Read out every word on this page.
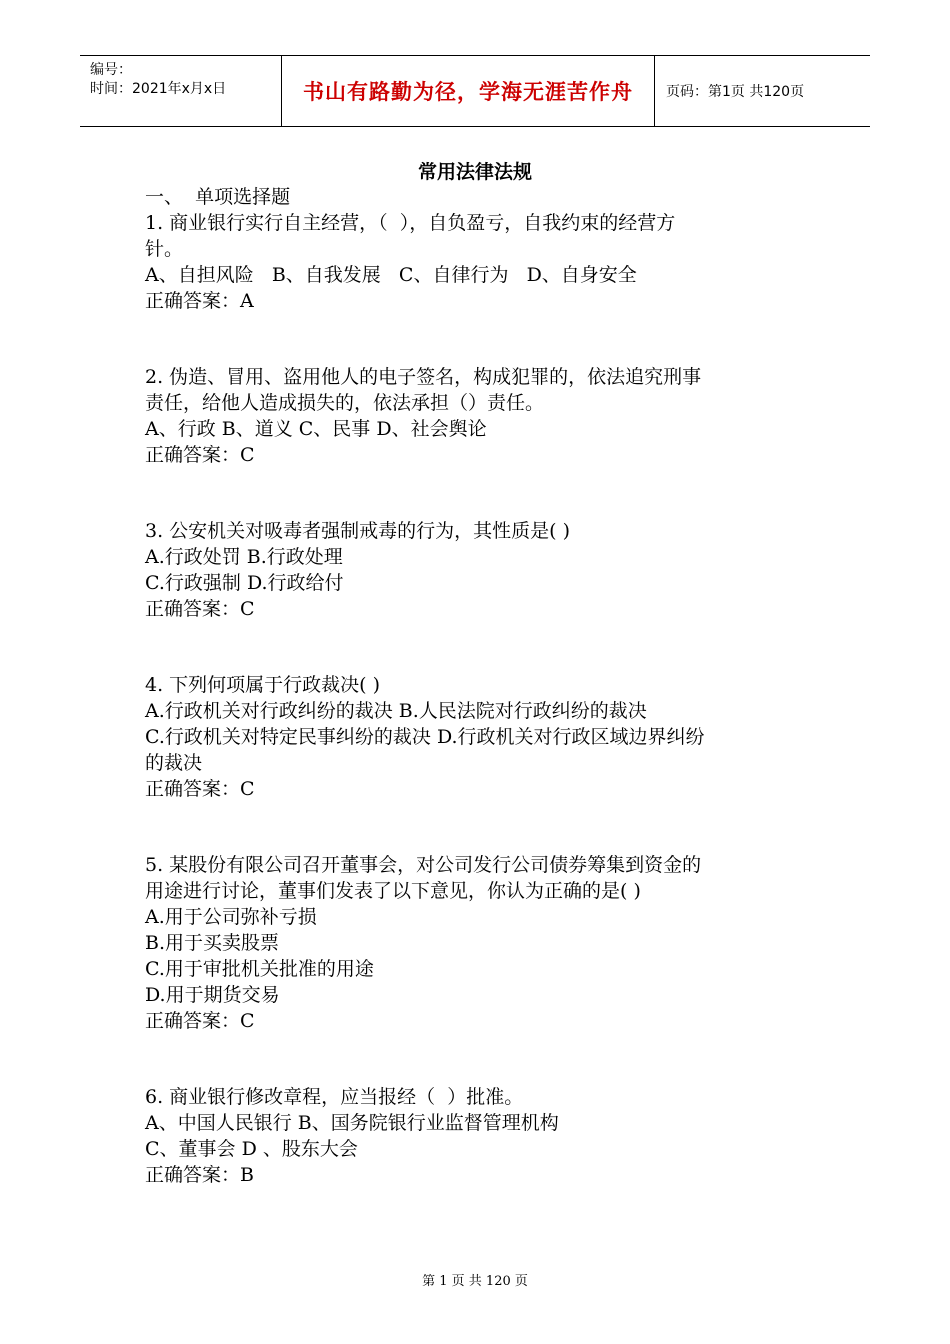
编号：
时间：2021年x月x日	书山有路勤为径，学海无涯苦作舟	页码：第1页 共120页
常用法律法规

一、  单项选择题

1. 商业银行实行自主经营，（  ），自负盈亏，自我约束的经营方

针。

A、自担风险   B、自我发展   C、自律行为   D、自身安全

正确答案：A

2. 伪造、冒用、盗用他人的电子签名，构成犯罪的，依法追究刑事

责任，给他人造成损失的，依法承担（）责任。

A、行政 B、道义 C、民事 D、社会舆论

正确答案：C

3. 公安机关对吸毒者强制戒毒的行为，其性质是( )

A.行政处罚 B.行政处理

C.行政强制 D.行政给付

正确答案：C

4. 下列何项属于行政裁决( )

A.行政机关对行政纠纷的裁决 B.人民法院对行政纠纷的裁决

C.行政机关对特定民事纠纷的裁决 D.行政机关对行政区域边界纠纷

的裁决

正确答案：C

5. 某股份有限公司召开董事会，对公司发行公司债券筹集到资金的

用途进行讨论，董事们发表了以下意见，你认为正确的是( )

A.用于公司弥补亏损

B.用于买卖股票

C.用于审批机关批准的用途

D.用于期货交易

正确答案：C

6. 商业银行修改章程，应当报经（  ）批准。

A、中国人民银行 B、国务院银行业监督管理机构

C、董事会 D 、股东大会

正确答案：B

第 1 页 共 120 页
